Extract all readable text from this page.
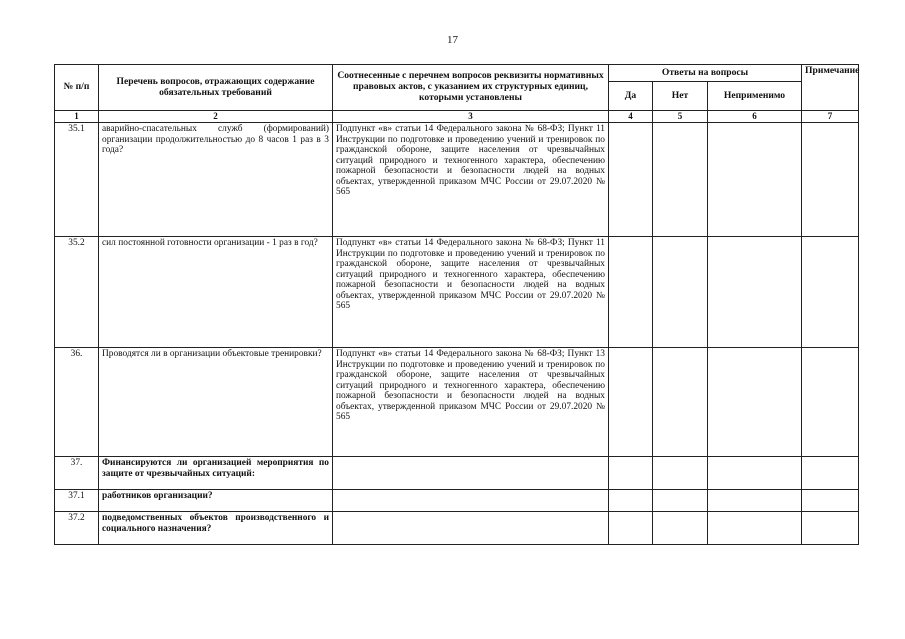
17
№ п/п	Перечень вопросов, отражающих содержание обязательных требований	Соотнесенные с перечнем вопросов реквизиты нормативных правовых актов, с указанием их структурных единиц, которыми установлены	Ответы на вопросы			Примечание
			Да	Нет	Неприменимо	
1	2	3	4	5	6	7
35.1	аварийно-спасательных служб (формирований) организации продолжительностью до 8 часов 1 раз в 3 года?	Подпункт «в» статьи 14 Федерального закона № 68-ФЗ; Пункт 11 Инструкции по подготовке и проведению учений и тренировок по гражданской обороне, защите населения от чрезвычайных ситуаций природного и техногенного характера, обеспечению пожарной безопасности и безопасности людей на водных объектах, утвержденной приказом МЧС России от 29.07.2020 № 565				
35.2	сил постоянной готовности организации - 1 раз в год?	Подпункт «в» статьи 14 Федерального закона № 68-ФЗ; Пункт 11 Инструкции по подготовке и проведению учений и тренировок по гражданской обороне, защите населения от чрезвычайных ситуаций природного и техногенного характера, обеспечению пожарной безопасности и безопасности людей на водных объектах, утвержденной приказом МЧС России от 29.07.2020 № 565				
36.	Проводятся ли в организации объектовые тренировки?	Подпункт «в» статьи 14 Федерального закона № 68-ФЗ; Пункт 13 Инструкции по подготовке и проведению учений и тренировок по гражданской обороне, защите населения от чрезвычайных ситуаций природного и техногенного характера, обеспечению пожарной безопасности и безопасности людей на водных объектах, утвержденной приказом МЧС России от 29.07.2020 № 565				
37.	Финансируются ли организацией мероприятия по защите от чрезвычайных ситуаций:					
37.1	работников организации?					
37.2	подведомственных объектов производственного и социального назначения?					
